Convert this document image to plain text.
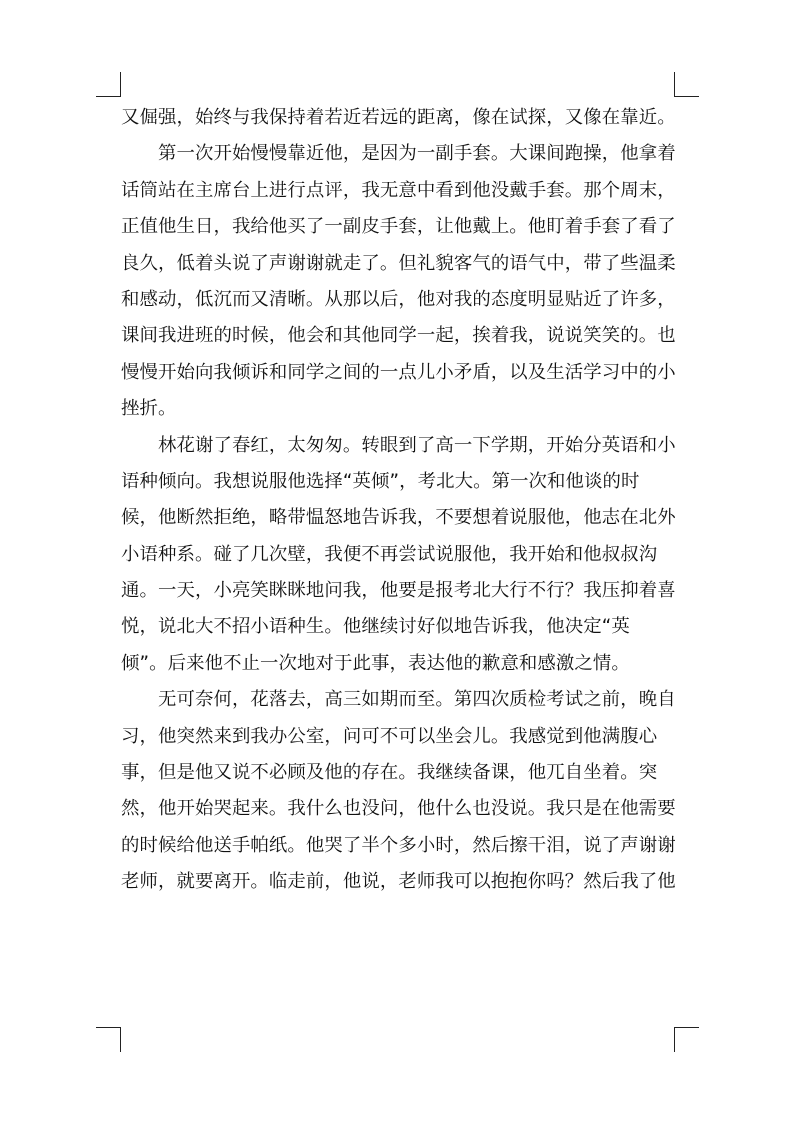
又倔强，始终与我保持着若近若远的距离，像在试探，又像在靠近。
　　第一次开始慢慢靠近他，是因为一副手套。大课间跑操，他拿着
话筒站在主席台上进行点评，我无意中看到他没戴手套。那个周末，
正值他生日，我给他买了一副皮手套，让他戴上。他盯着手套了看了
良久，低着头说了声谢谢就走了。但礼貌客气的语气中，带了些温柔
和感动，低沉而又清晰。从那以后，他对我的态度明显贴近了许多，
课间我进班的时候，他会和其他同学一起，挨着我，说说笑笑的。也
慢慢开始向我倾诉和同学之间的一点儿小矛盾，以及生活学习中的小
挫折。
　　林花谢了春红，太匆匆。转眼到了高一下学期，开始分英语和小
语种倾向。我想说服他选择“英倾”，考北大。第一次和他谈的时
候，他断然拒绝，略带愠怒地告诉我，不要想着说服他，他志在北外
小语种系。碰了几次壁，我便不再尝试说服他，我开始和他叔叔沟
通。一天，小亮笑眯眯地问我，他要是报考北大行不行？我压抑着喜
悦，说北大不招小语种生。他继续讨好似地告诉我，他决定“英
倾”。后来他不止一次地对于此事，表达他的歉意和感激之情。
　　无可奈何，花落去，高三如期而至。第四次质检考试之前，晚自
习，他突然来到我办公室，问可不可以坐会儿。我感觉到他满腹心
事，但是他又说不必顾及他的存在。我继续备课，他兀自坐着。突
然，他开始哭起来。我什么也没问，他什么也没说。我只是在他需要
的时候给他送手帕纸。他哭了半个多小时，然后擦干泪，说了声谢谢
老师，就要离开。临走前，他说，老师我可以抱抱你吗？然后我了他
